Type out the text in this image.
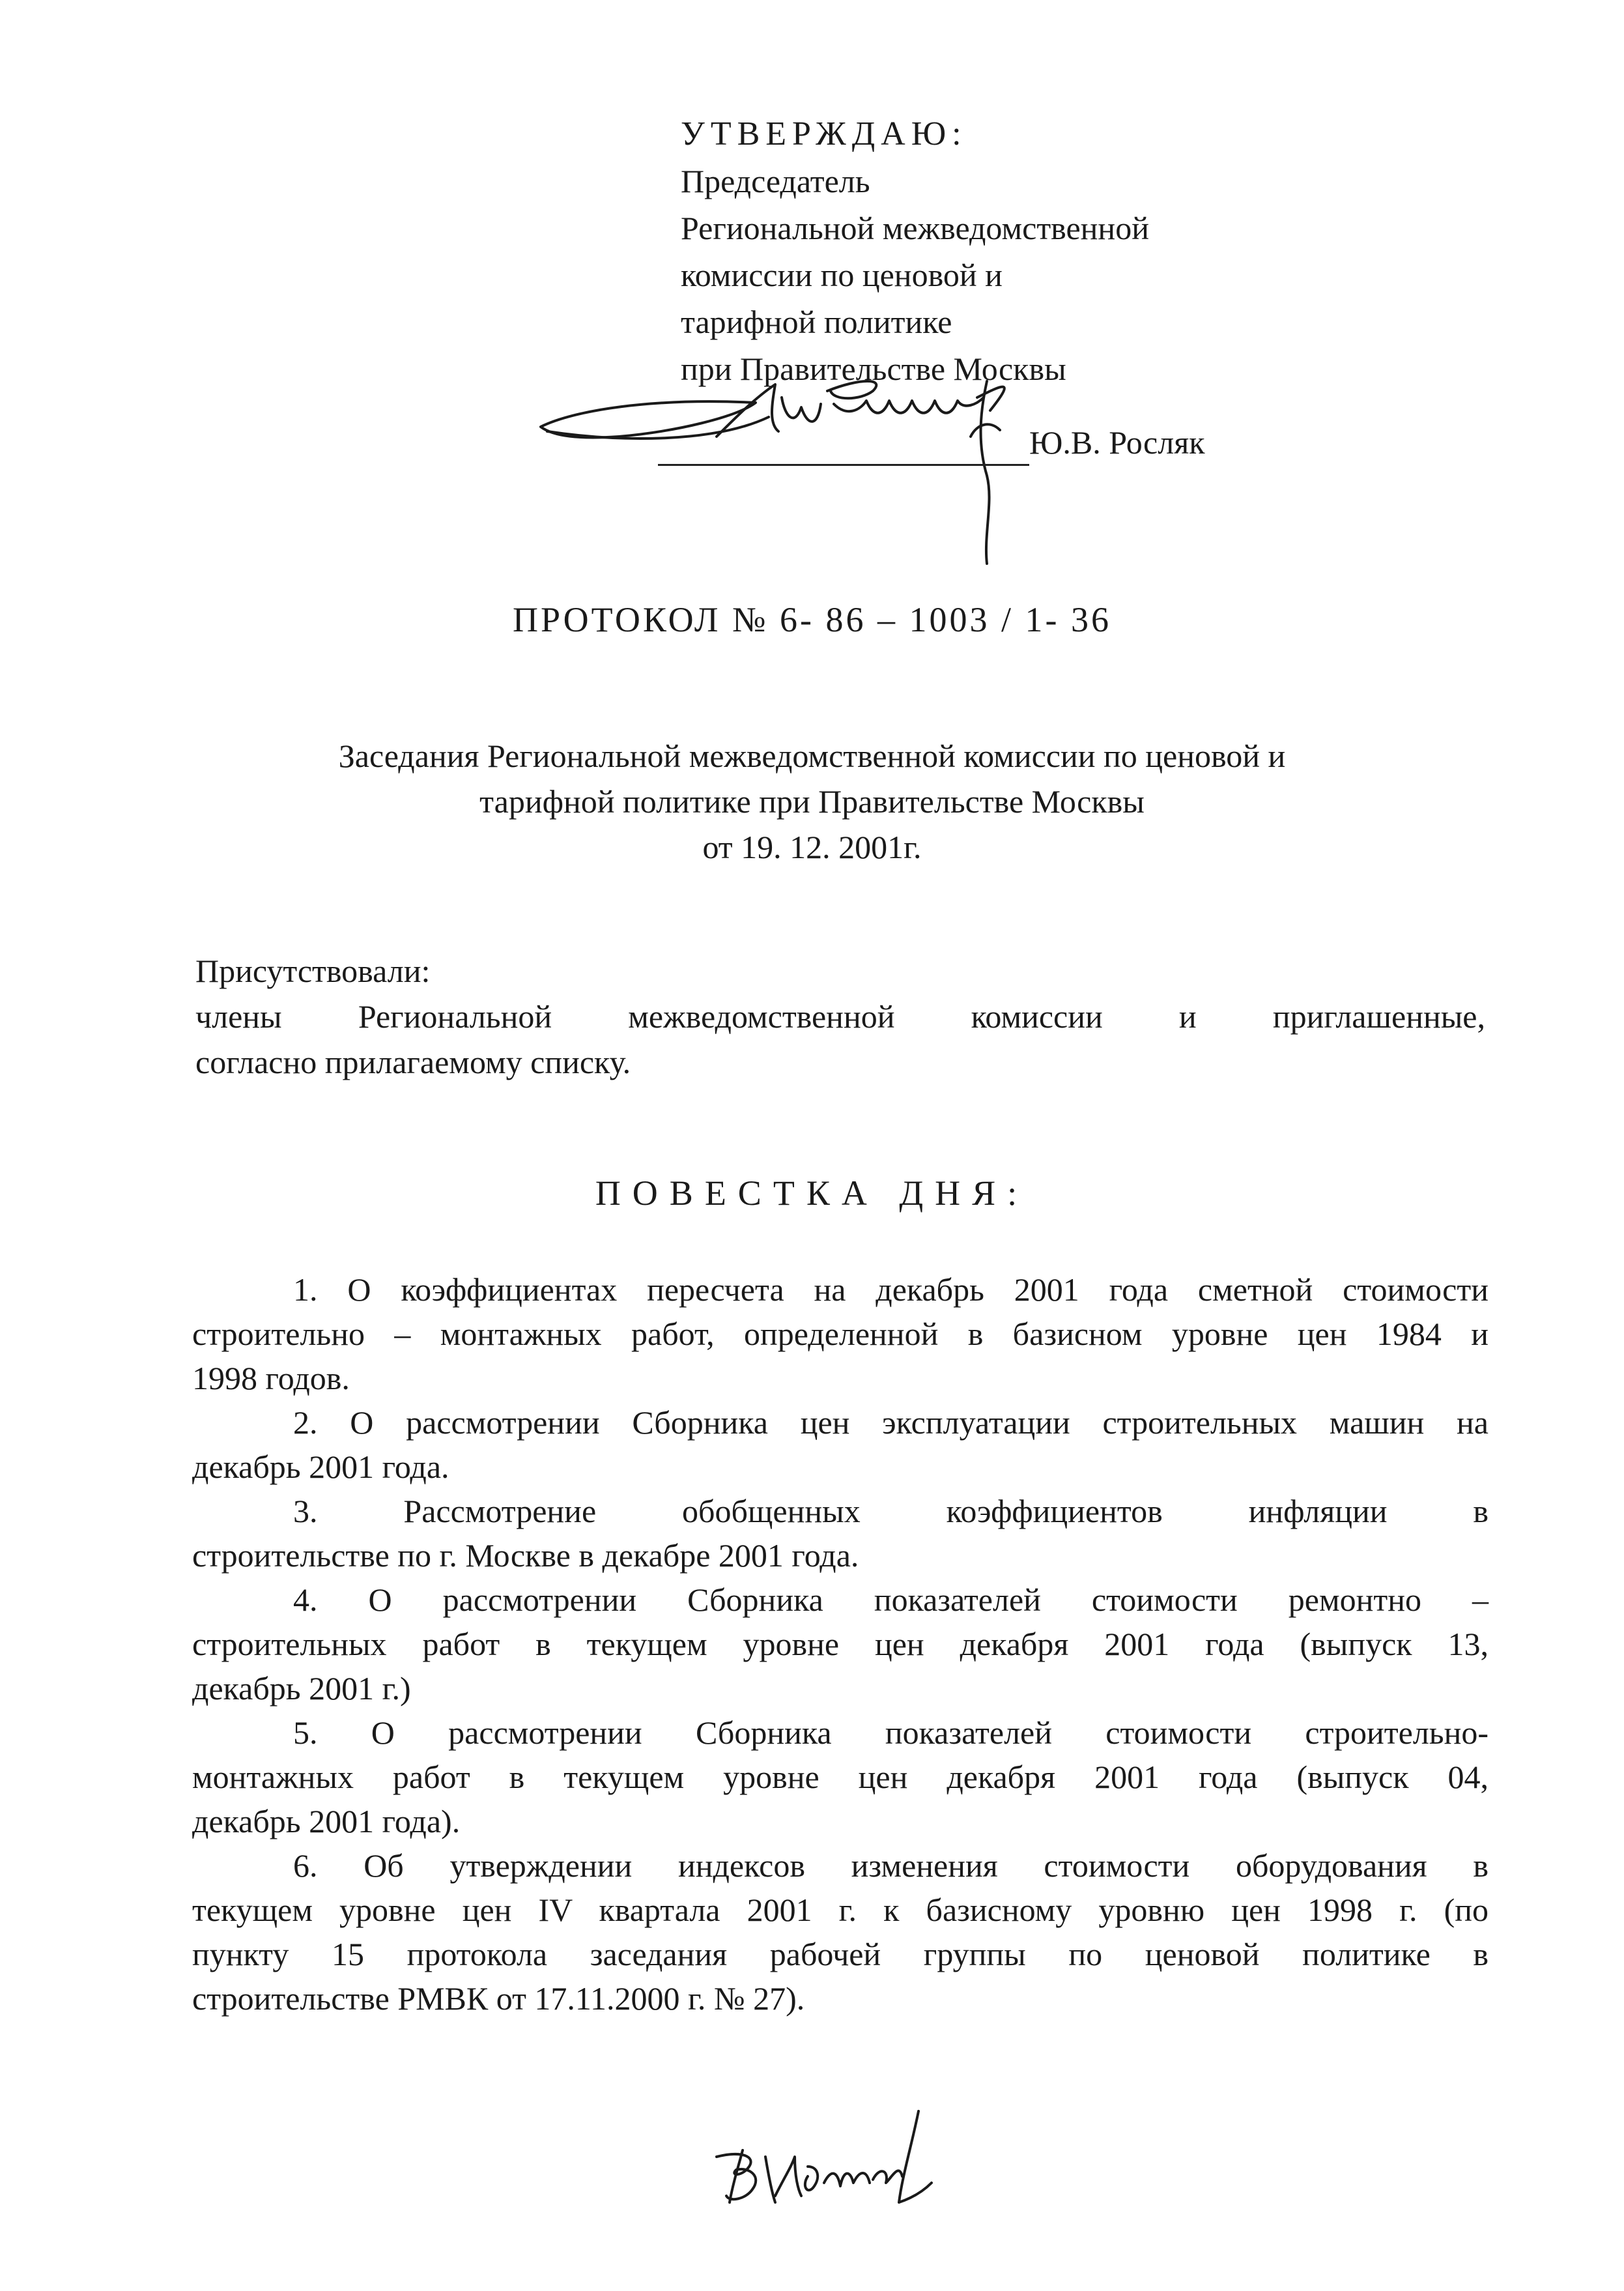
УТВЕРЖДАЮ:
Председатель
Региональной межведомственной
комиссии по ценовой и
тарифной политике
при Правительстве Москвы
Ю.В. Росляк
ПРОТОКОЛ № 6- 86 – 1003 / 1- 36
Заседания Региональной межведомственной комиссии по ценовой и
тарифной политике при Правительстве Москвы
от 19. 12. 2001г.
Присутствовали:
члены Региональной межведомственной комиссии и приглашенные,
согласно прилагаемому списку.
ПОВЕСТКА ДНЯ:
1. О коэффициентах пересчета на декабрь 2001 года сметной стоимости
строительно – монтажных работ, определенной в базисном уровне цен 1984 и
1998 годов.
2. О рассмотрении Сборника цен эксплуатации строительных машин на
декабрь 2001 года.
3. Рассмотрение обобщенных коэффициентов инфляции в
строительстве по г. Москве в декабре 2001 года.
4. О рассмотрении Сборника показателей стоимости ремонтно –
строительных работ в текущем уровне цен декабря 2001 года (выпуск 13,
декабрь 2001 г.)
5. О рассмотрении Сборника показателей стоимости строительно-
монтажных работ в текущем уровне цен декабря 2001 года (выпуск 04,
декабрь 2001 года).
6. Об утверждении индексов изменения стоимости оборудования в
текущем уровне цен IV квартала 2001 г. к базисному уровню цен 1998 г. (по
пункту 15 протокола заседания рабочей группы по ценовой политике в
строительстве РМВК от 17.11.2000 г. № 27).
